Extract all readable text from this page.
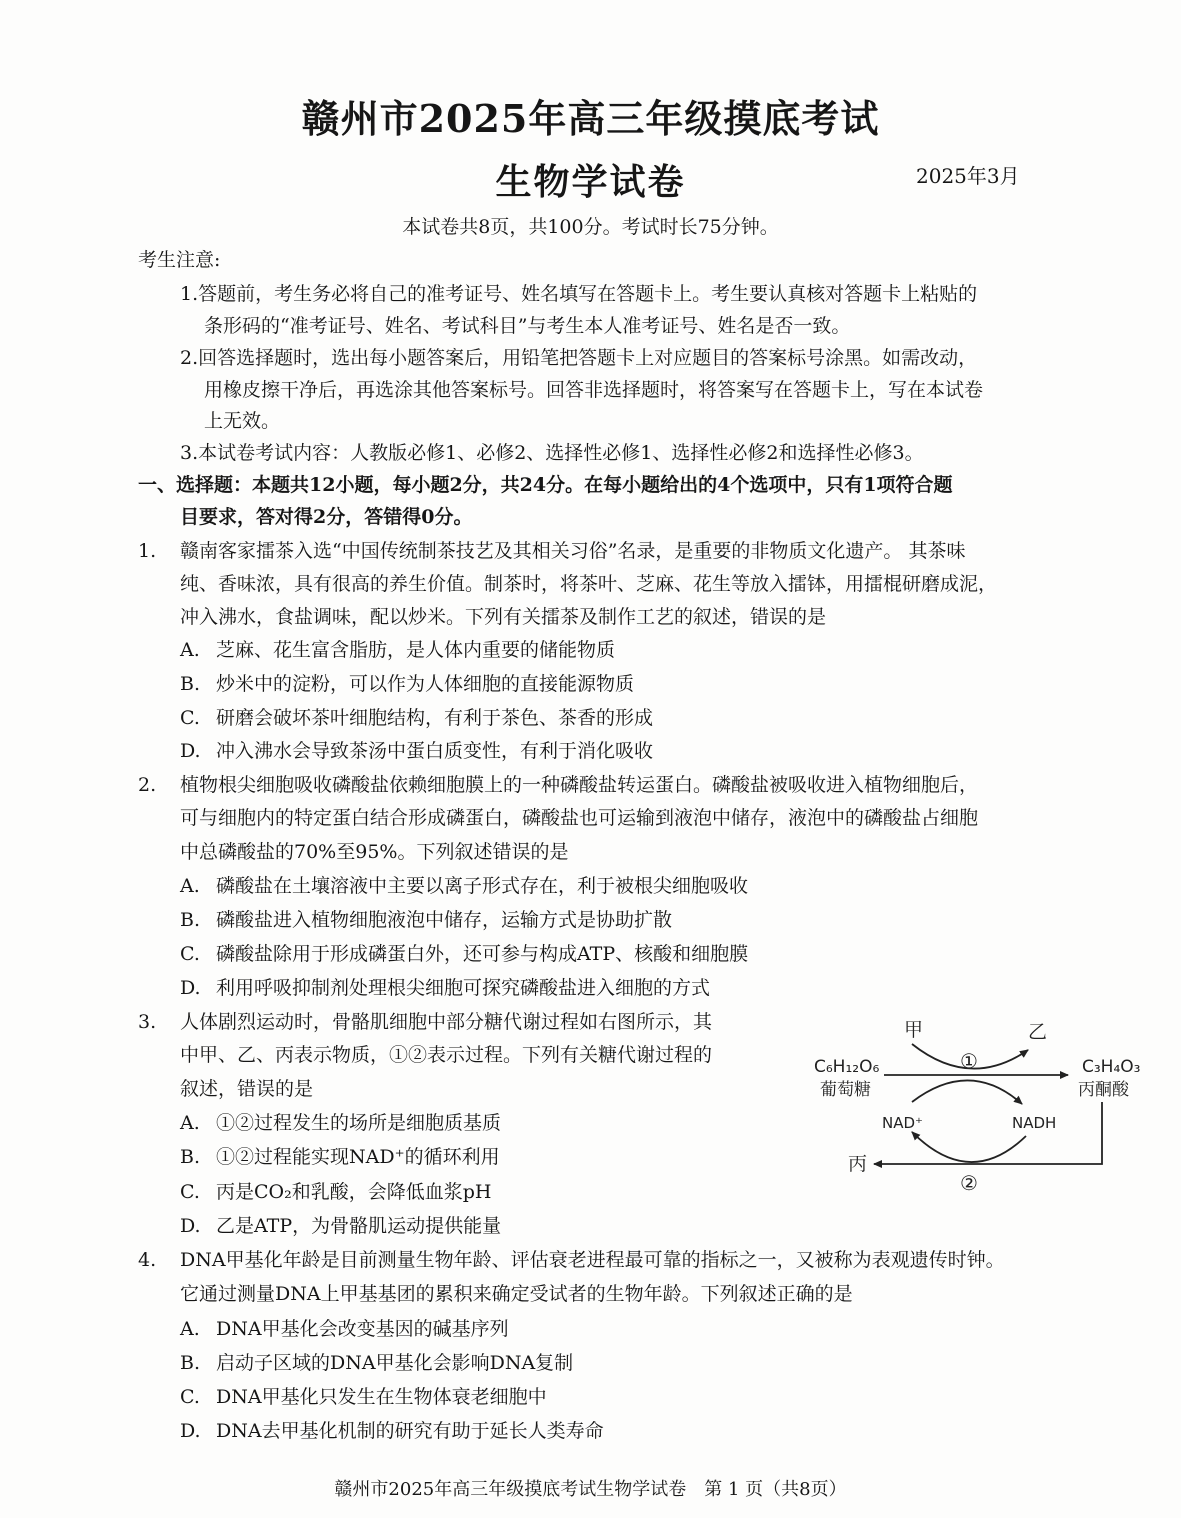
赣州市2025年高三年级摸底考试
生物学试卷	2025年3月
本试卷共8页，共100分。考试时长75分钟。
考生注意:
1.答题前，考生务必将自己的准考证号、姓名填写在答题卡上。考生要认真核对答题卡上粘贴的
条形码的“准考证号、姓名、考试科目”与考生本人准考证号、姓名是否一致。
2.回答选择题时，选出每小题答案后，用铅笔把答题卡上对应题目的答案标号涂黑。如需改动，
用橡皮擦干净后，再选涂其他答案标号。回答非选择题时，将答案写在答题卡上，写在本试卷
上无效。
3.本试卷考试内容：人教版必修1、必修2、选择性必修1、选择性必修2和选择性必修3。
一、选择题：本题共12小题，每小题2分，共24分。在每小题给出的4个选项中，只有1项符合题
目要求，答对得2分，答错得0分。
1. 赣南客家擂茶入选“中国传统制茶技艺及其相关习俗”名录，是重要的非物质文化遗产。 其茶味
纯、香味浓，具有很高的养生价值。制茶时，将茶叶、芝麻、花生等放入擂钵，用擂棍研磨成泥，
冲入沸水，食盐调味，配以炒米。下列有关擂茶及制作工艺的叙述，错误的是
A. 芝麻、花生富含脂肪，是人体内重要的储能物质
B. 炒米中的淀粉，可以作为人体细胞的直接能源物质
C. 研磨会破坏茶叶细胞结构，有利于茶色、茶香的形成
D. 冲入沸水会导致茶汤中蛋白质变性，有利于消化吸收
2. 植物根尖细胞吸收磷酸盐依赖细胞膜上的一种磷酸盐转运蛋白。磷酸盐被吸收进入植物细胞后，
可与细胞内的特定蛋白结合形成磷蛋白，磷酸盐也可运输到液泡中储存，液泡中的磷酸盐占细胞
中总磷酸盐的70%至95%。下列叙述错误的是
A. 磷酸盐在土壤溶液中主要以离子形式存在，利于被根尖细胞吸收
B. 磷酸盐进入植物细胞液泡中储存，运输方式是协助扩散
C. 磷酸盐除用于形成磷蛋白外，还可参与构成ATP、核酸和细胞膜
D. 利用呼吸抑制剂处理根尖细胞可探究磷酸盐进入细胞的方式
3. 人体剧烈运动时，骨骼肌细胞中部分糖代谢过程如右图所示，其
中甲、乙、丙表示物质，①②表示过程。下列有关糖代谢过程的
叙述，错误的是
A. ①②过程发生的场所是细胞质基质
B. ①②过程能实现NAD⁺的循环利用
C. 丙是CO₂和乳酸，会降低血浆pH
D. 乙是ATP，为骨骼肌运动提供能量
甲	乙
①
C₆H₁₂O₆
葡萄糖
C₃H₄O₃
丙酮酸
NAD⁺	NADH
丙
②
4. DNA甲基化年龄是目前测量生物年龄、评估衰老进程最可靠的指标之一，又被称为表观遗传时钟。
它通过测量DNA上甲基基团的累积来确定受试者的生物年龄。下列叙述正确的是
A. DNA甲基化会改变基因的碱基序列
B. 启动子区域的DNA甲基化会影响DNA复制
C. DNA甲基化只发生在生物体衰老细胞中
D. DNA去甲基化机制的研究有助于延长人类寿命
赣州市2025年高三年级摸底考试生物学试卷　第 1 页（共8页）
